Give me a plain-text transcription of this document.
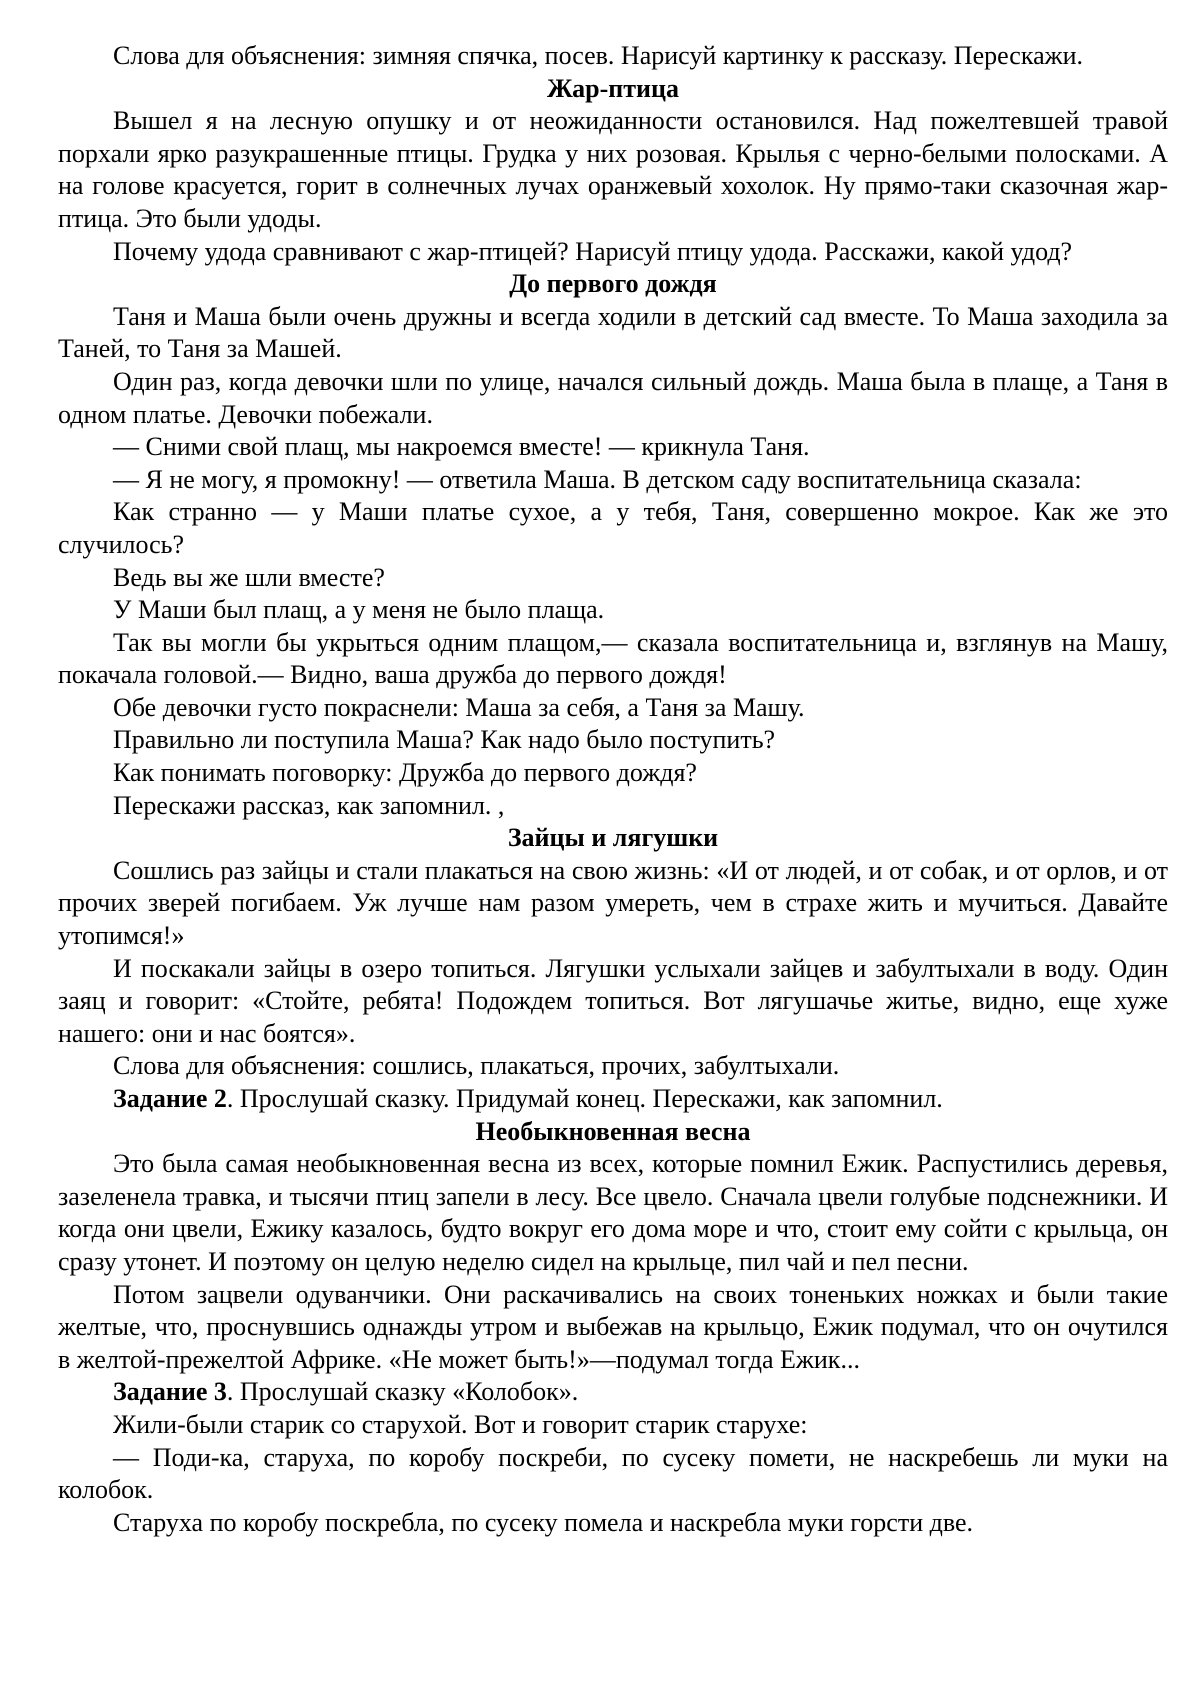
Слова для объяснения: зимняя спячка, посев. Нарисуй картинку к рассказу. Перескажи.

Жар-птица

Вышел я на лесную опушку и от неожиданности остановился. Над пожелтевшей травой порхали ярко разукрашенные птицы. Грудка у них розовая. Крылья с черно-белыми полосками. А на голове красуется, горит в солнечных лучах оранжевый хохолок. Ну прямо-таки сказочная жар-птица. Это были удоды.

Почему удода сравнивают с жар-птицей? Нарисуй птицу удода. Расскажи, какой удод?

До первого дождя

Таня и Маша были очень дружны и всегда ходили в детский сад вместе. То Маша заходила за Таней, то Таня за Машей.

Один раз, когда девочки шли по улице, начался сильный дождь. Маша была в плаще, а Таня в одном платье. Девочки побежали.

— Сними свой плащ, мы накроемся вместе! — крикнула Таня.

— Я не могу, я промокну! — ответила Маша. В детском саду воспитательница сказала:

Как странно — у Маши платье сухое, а у тебя, Таня, совершенно мокрое. Как же это случилось?

Ведь вы же шли вместе?

У Маши был плащ, а у меня не было плаща.

Так вы могли бы укрыться одним плащом,— сказала воспитательница и, взглянув на Машу, покачала головой.— Видно, ваша дружба до первого дождя!

Обе девочки густо покраснели: Маша за себя, а Таня за Машу.

Правильно ли поступила Маша? Как надо было поступить?

Как понимать поговорку: Дружба до первого дождя?

Перескажи рассказ, как запомнил. ,

Зайцы и лягушки

Сошлись раз зайцы и стали плакаться на свою жизнь: «И от людей, и от собак, и от орлов, и от прочих зверей погибаем. Уж лучше нам разом умереть, чем в страхе жить и мучиться. Давайте утопимся!»

И поскакали зайцы в озеро топиться. Лягушки услыхали зайцев и забултыхали в воду. Один заяц и говорит: «Стойте, ребята! Подождем топиться. Вот лягушачье житье, видно, еще хуже нашего: они и нас боятся».

Слова для объяснения: сошлись, плакаться, прочих, забултыхали.

Задание 2. Прослушай сказку. Придумай конец. Перескажи, как запомнил.

Необыкновенная весна

Это была самая необыкновенная весна из всех, которые помнил Ежик. Распустились деревья, зазеленела травка, и тысячи птиц запели в лесу. Все цвело. Сначала цвели голубые подснежники. И когда они цвели, Ежику казалось, будто вокруг его дома море и что, стоит ему сойти с крыльца, он сразу утонет. И поэтому он целую неделю сидел на крыльце, пил чай и пел песни.

Потом зацвели одуванчики. Они раскачивались на своих тоненьких ножках и были такие желтые, что, проснувшись однажды утром и выбежав на крыльцо, Ежик подумал, что он очутился в желтой-прежелтой Африке. «Не может быть!»—подумал тогда Ежик...

Задание 3. Прослушай сказку «Колобок».

Жили-были старик со старухой. Вот и говорит старик старухе:

— Поди-ка, старуха, по коробу поскреби, по сусеку помети, не наскребешь ли муки на колобок.

Старуха по коробу поскребла, по сусеку помела и наскребла муки горсти две.
